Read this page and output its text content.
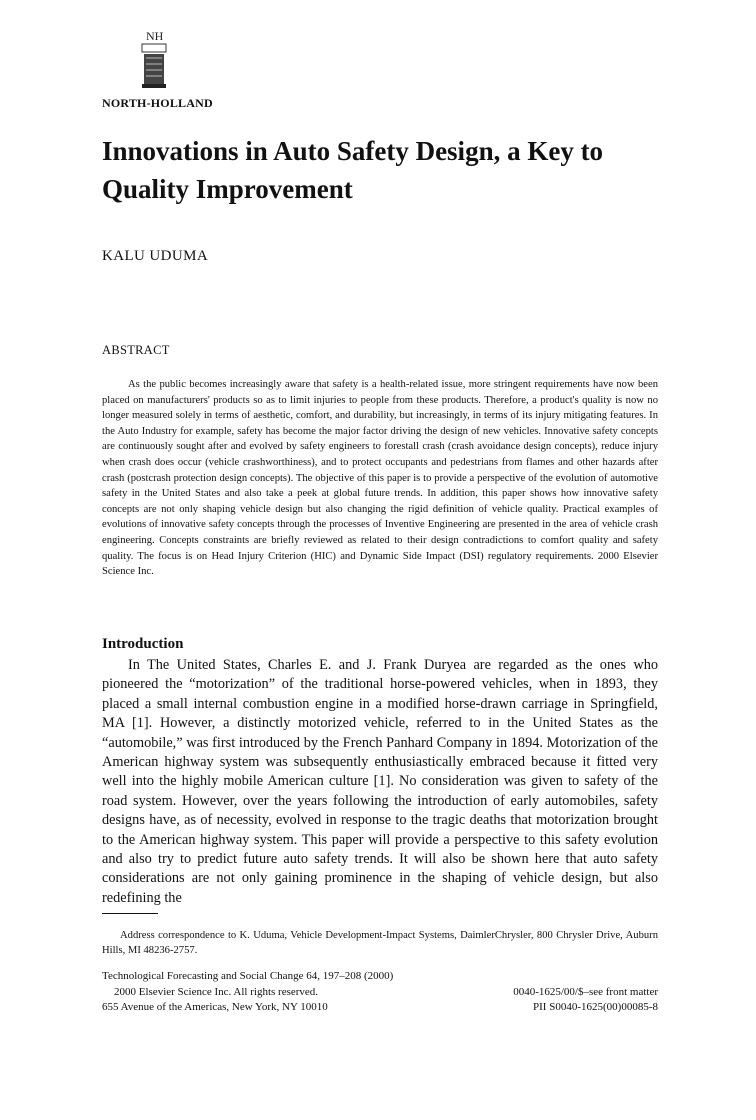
NH
NORTH-HOLLAND
Innovations in Auto Safety Design, a Key to Quality Improvement
KALU UDUMA
ABSTRACT

As the public becomes increasingly aware that safety is a health-related issue, more stringent requirements have now been placed on manufacturers' products so as to limit injuries to people from these products. Therefore, a product's quality is now no longer measured solely in terms of aesthetic, comfort, and durability, but increasingly, in terms of its injury mitigating features. In the Auto Industry for example, safety has become the major factor driving the design of new vehicles. Innovative safety concepts are continuously sought after and evolved by safety engineers to forestall crash (crash avoidance design concepts), reduce injury when crash does occur (vehicle crashworthiness), and to protect occupants and pedestrians from flames and other hazards after crash (postcrash protection design concepts). The objective of this paper is to provide a perspective of the evolution of automotive safety in the United States and also take a peek at global future trends. In addition, this paper shows how innovative safety concepts are not only shaping vehicle design but also changing the rigid definition of vehicle quality. Practical examples of evolutions of innovative safety concepts through the processes of Inventive Engineering are presented in the area of vehicle crash engineering. Concepts constraints are briefly reviewed as related to their design contradictions to comfort quality and safety quality. The focus is on Head Injury Criterion (HIC) and Dynamic Side Impact (DSI) regulatory requirements. 2000 Elsevier Science Inc.

Introduction

In The United States, Charles E. and J. Frank Duryea are regarded as the ones who pioneered the “motorization” of the traditional horse-powered vehicles, when in 1893, they placed a small internal combustion engine in a modified horse-drawn carriage in Springfield, MA [1]. However, a distinctly motorized vehicle, referred to in the United States as the “automobile,” was first introduced by the French Panhard Company in 1894. Motorization of the American highway system was subsequently enthusiastically embraced because it fitted very well into the highly mobile American culture [1]. No consideration was given to safety of the road system. However, over the years following the introduction of early automobiles, safety designs have, as of necessity, evolved in response to the tragic deaths that motorization brought to the American highway system. This paper will provide a perspective to this safety evolution and also try to predict future auto safety trends. It will also be shown here that auto safety considerations are not only gaining prominence in the shaping of vehicle design, but also redefining the

Address correspondence to K. Uduma, Vehicle Development-Impact Systems, DaimlerChrysler, 800 Chrysler Drive, Auburn Hills, MI 48236-2757.

Technological Forecasting and Social Change 64, 197–208 (2000)
2000 Elsevier Science Inc. All rights reserved.	0040-1625/00/$–see front matter
655 Avenue of the Americas, New York, NY 10010	PII S0040-1625(00)00085-8
